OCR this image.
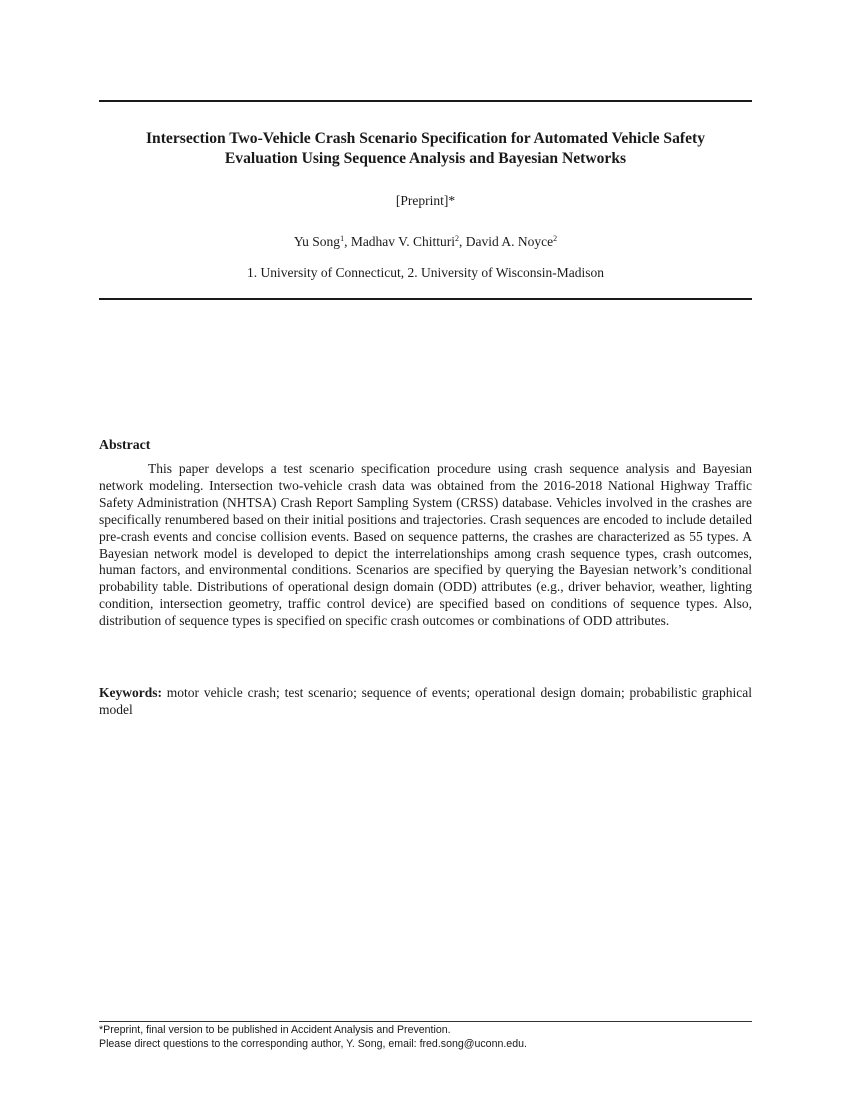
Intersection Two-Vehicle Crash Scenario Specification for Automated Vehicle Safety
Evaluation Using Sequence Analysis and Bayesian Networks
[Preprint]*
Yu Song$^1$, Madhav V. Chitturi$^2$, David A. Noyce$^2$
1. University of Connecticut, 2. University of Wisconsin-Madison
Abstract

This paper develops a test scenario specification procedure using crash sequence analysis and Bayesian network modeling. Intersection two-vehicle crash data was obtained from the 2016-2018 National Highway Traffic Safety Administration (NHTSA) Crash Report Sampling System (CRSS) database. Vehicles involved in the crashes are specifically renumbered based on their initial positions and trajectories. Crash sequences are encoded to include detailed pre-crash events and concise collision events. Based on sequence patterns, the crashes are characterized as 55 types. A Bayesian network model is developed to depict the interrelationships among crash sequence types, crash outcomes, human factors, and environmental conditions. Scenarios are specified by querying the Bayesian network’s conditional probability table. Distributions of operational design domain (ODD) attributes (e.g., driver behavior, weather, lighting condition, intersection geometry, traffic control device) are specified based on conditions of sequence types. Also, distribution of sequence types is specified on specific crash outcomes or combinations of ODD attributes.

Keywords: motor vehicle crash; test scenario; sequence of events; operational design domain; probabilistic graphical model

*Preprint, final version to be published in Accident Analysis and Prevention.
Please direct questions to the corresponding author, Y. Song, email: fred.song@uconn.edu.
